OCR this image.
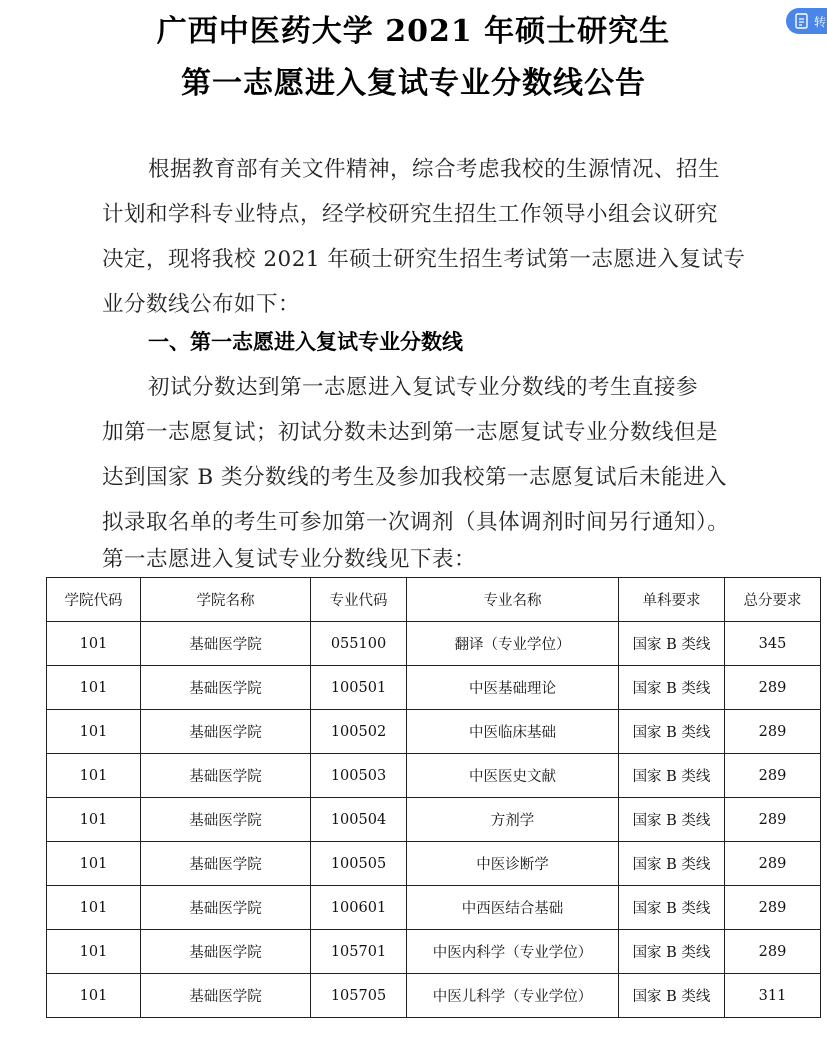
广西中医药大学 2021 年硕士研究生
第一志愿进入复试专业分数线公告
转
根据教育部有关文件精神，综合考虑我校的生源情况、招生
计划和学科专业特点，经学校研究生招生工作领导小组会议研究
决定，现将我校 2021 年硕士研究生招生考试第一志愿进入复试专
业分数线公布如下：
一、第一志愿进入复试专业分数线
初试分数达到第一志愿进入复试专业分数线的考生直接参
加第一志愿复试；初试分数未达到第一志愿复试专业分数线但是
达到国家 B 类分数线的考生及参加我校第一志愿复试后未能进入
拟录取名单的考生可参加第一次调剂（具体调剂时间另行通知）。
第一志愿进入复试专业分数线见下表：
学院代码	学院名称	专业代码	专业名称	单科要求	总分要求
101	基础医学院	055100	翻译（专业学位）	国家 B 类线	345
101	基础医学院	100501	中医基础理论	国家 B 类线	289
101	基础医学院	100502	中医临床基础	国家 B 类线	289
101	基础医学院	100503	中医医史文献	国家 B 类线	289
101	基础医学院	100504	方剂学	国家 B 类线	289
101	基础医学院	100505	中医诊断学	国家 B 类线	289
101	基础医学院	100601	中西医结合基础	国家 B 类线	289
101	基础医学院	105701	中医内科学（专业学位）	国家 B 类线	289
101	基础医学院	105705	中医儿科学（专业学位）	国家 B 类线	311
